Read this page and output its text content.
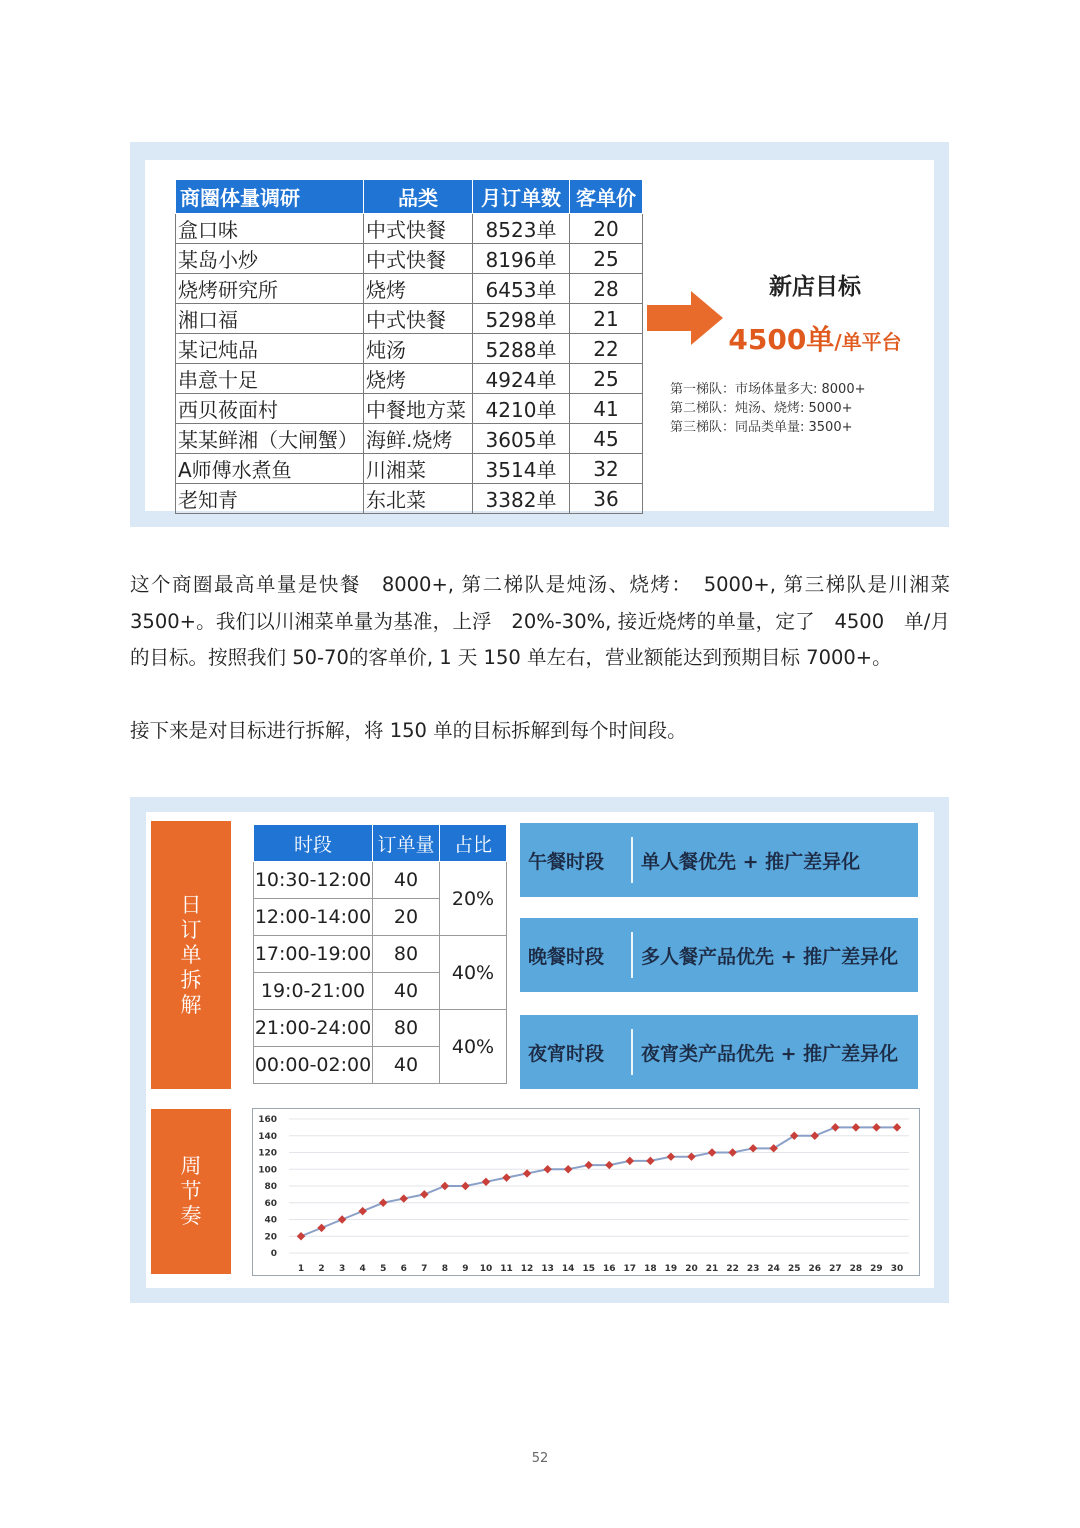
商圈体量调研	品类	月订单数	客单价
盒口味	中式快餐	8523单	20
某岛小炒	中式快餐	8196单	25
烧烤研究所	烧烤	6453单	28
湘口福	中式快餐	5298单	21
某记炖品	炖汤	5288单	22
串意十足	烧烤	4924单	25
西贝莜面村	中餐地方菜	4210单	41
某某鲜湘（大闸蟹）	海鲜.烧烤	3605单	45
A师傅水煮鱼	川湘菜	3514单	32
老知青	东北菜	3382单	36
新店目标
4500单/单平台
第一梯队：市场体量多大: 8000+
第二梯队：炖汤、烧烤: 5000+
第三梯队：同品类单量: 3500+
这个商圈最高单量是快餐　8000+, 第二梯队是炖汤、烧烤：　5000+, 第三梯队是川湘菜3500+。我们以川湘菜单量为基准，上浮　20%-30%, 接近烧烤的单量，定了　4500　单/月的目标。按照我们 50-70的客单价, 1 天 150 单左右，营业额能达到预期目标 7000+。
接下来是对目标进行拆解，将 150 单的目标拆解到每个时间段。
日订单拆解
周节奏
时段	订单量	占比
10:30-12:00	40	20%
12:00-14:00	20	
17:00-19:00	80	40%
19:0-21:00	40	
21:00-24:00	80	40%
00:00-02:00	40	
午餐时段	单人餐优先 + 推广差异化
晚餐时段	多人餐产品优先 + 推广差异化
夜宵时段	夜宵类产品优先 + 推广差异化
0
20
40
60
80
100
120
140
160
1 2 3 4 5 6 7 8 9 10 11 12 13 14 15 16 17 18 19 20 21 22 23 24 25 26 27 28 29 30
52
